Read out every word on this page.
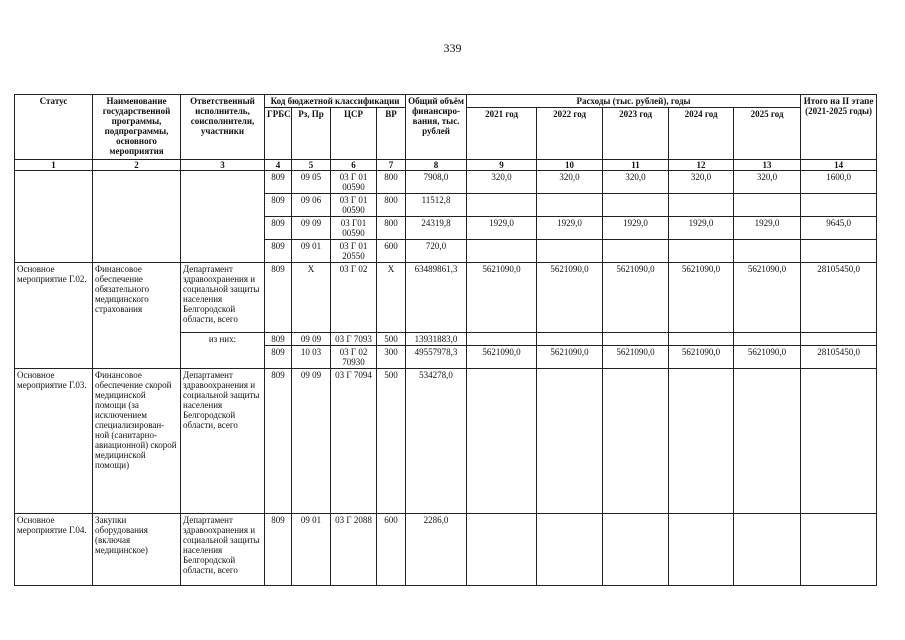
339
Статус	Наименование государственной программы, подпрограммы, основного мероприятия	Ответственный исполнитель, соисполнители, участники	Код бюджетной классификации				Общий объём финансиро-вания, тыс. рублей	Расходы (тыс. рублей), годы					Итого на II этапе (2021-2025 годы)
			ГРБС	Рз, Пр	ЦСР	ВР		2021 год	2022 год	2023 год	2024 год	2025 год	
1	2	3	4	5	6	7	8	9	10	11	12	13	14
			809	09 05	03 Г 01 00590	800	7908,0	320,0	320,0	320,0	320,0	320,0	1600,0
			809	09 06	03 Г 01 00590	800	11512,8						
			809	09 09	03 Г01 00590	800	24319,8	1929,0	1929,0	1929,0	1929,0	1929,0	9645,0
			809	09 01	03 Г 01 20550	600	720,0						
Основное мероприятие Г.02.	Финансовое обеспечение обязательного медицинского страхования	Департамент здравоохранения и социальной защиты населения Белгородской области, всего	809	Х	03 Г 02	Х	63489861,3	5621090,0	5621090,0	5621090,0	5621090,0	5621090,0	28105450,0
		из них:	809	09 09	03 Г 7093	500	13931883,0						
			809	10 03	03 Г 02 70930	300	49557978,3	5621090,0	5621090,0	5621090,0	5621090,0	5621090,0	28105450,0
Основное мероприятие Г.03.	Финансовое обеспечение скорой медицинской помощи (за исключением специализирован-ной (санитарно-авиационной) скорой медицинской помощи)	Департамент здравоохранения и социальной защиты населения Белгородской области, всего	809	09 09	03 Г 7094	500	534278,0						
Основное мероприятие Г.04.	Закупки оборудования (включая медицинское)	Департамент здравоохранения и социальной защиты населения Белгородской области, всего	809	09 01	03 Г 2088	600	2286,0						
